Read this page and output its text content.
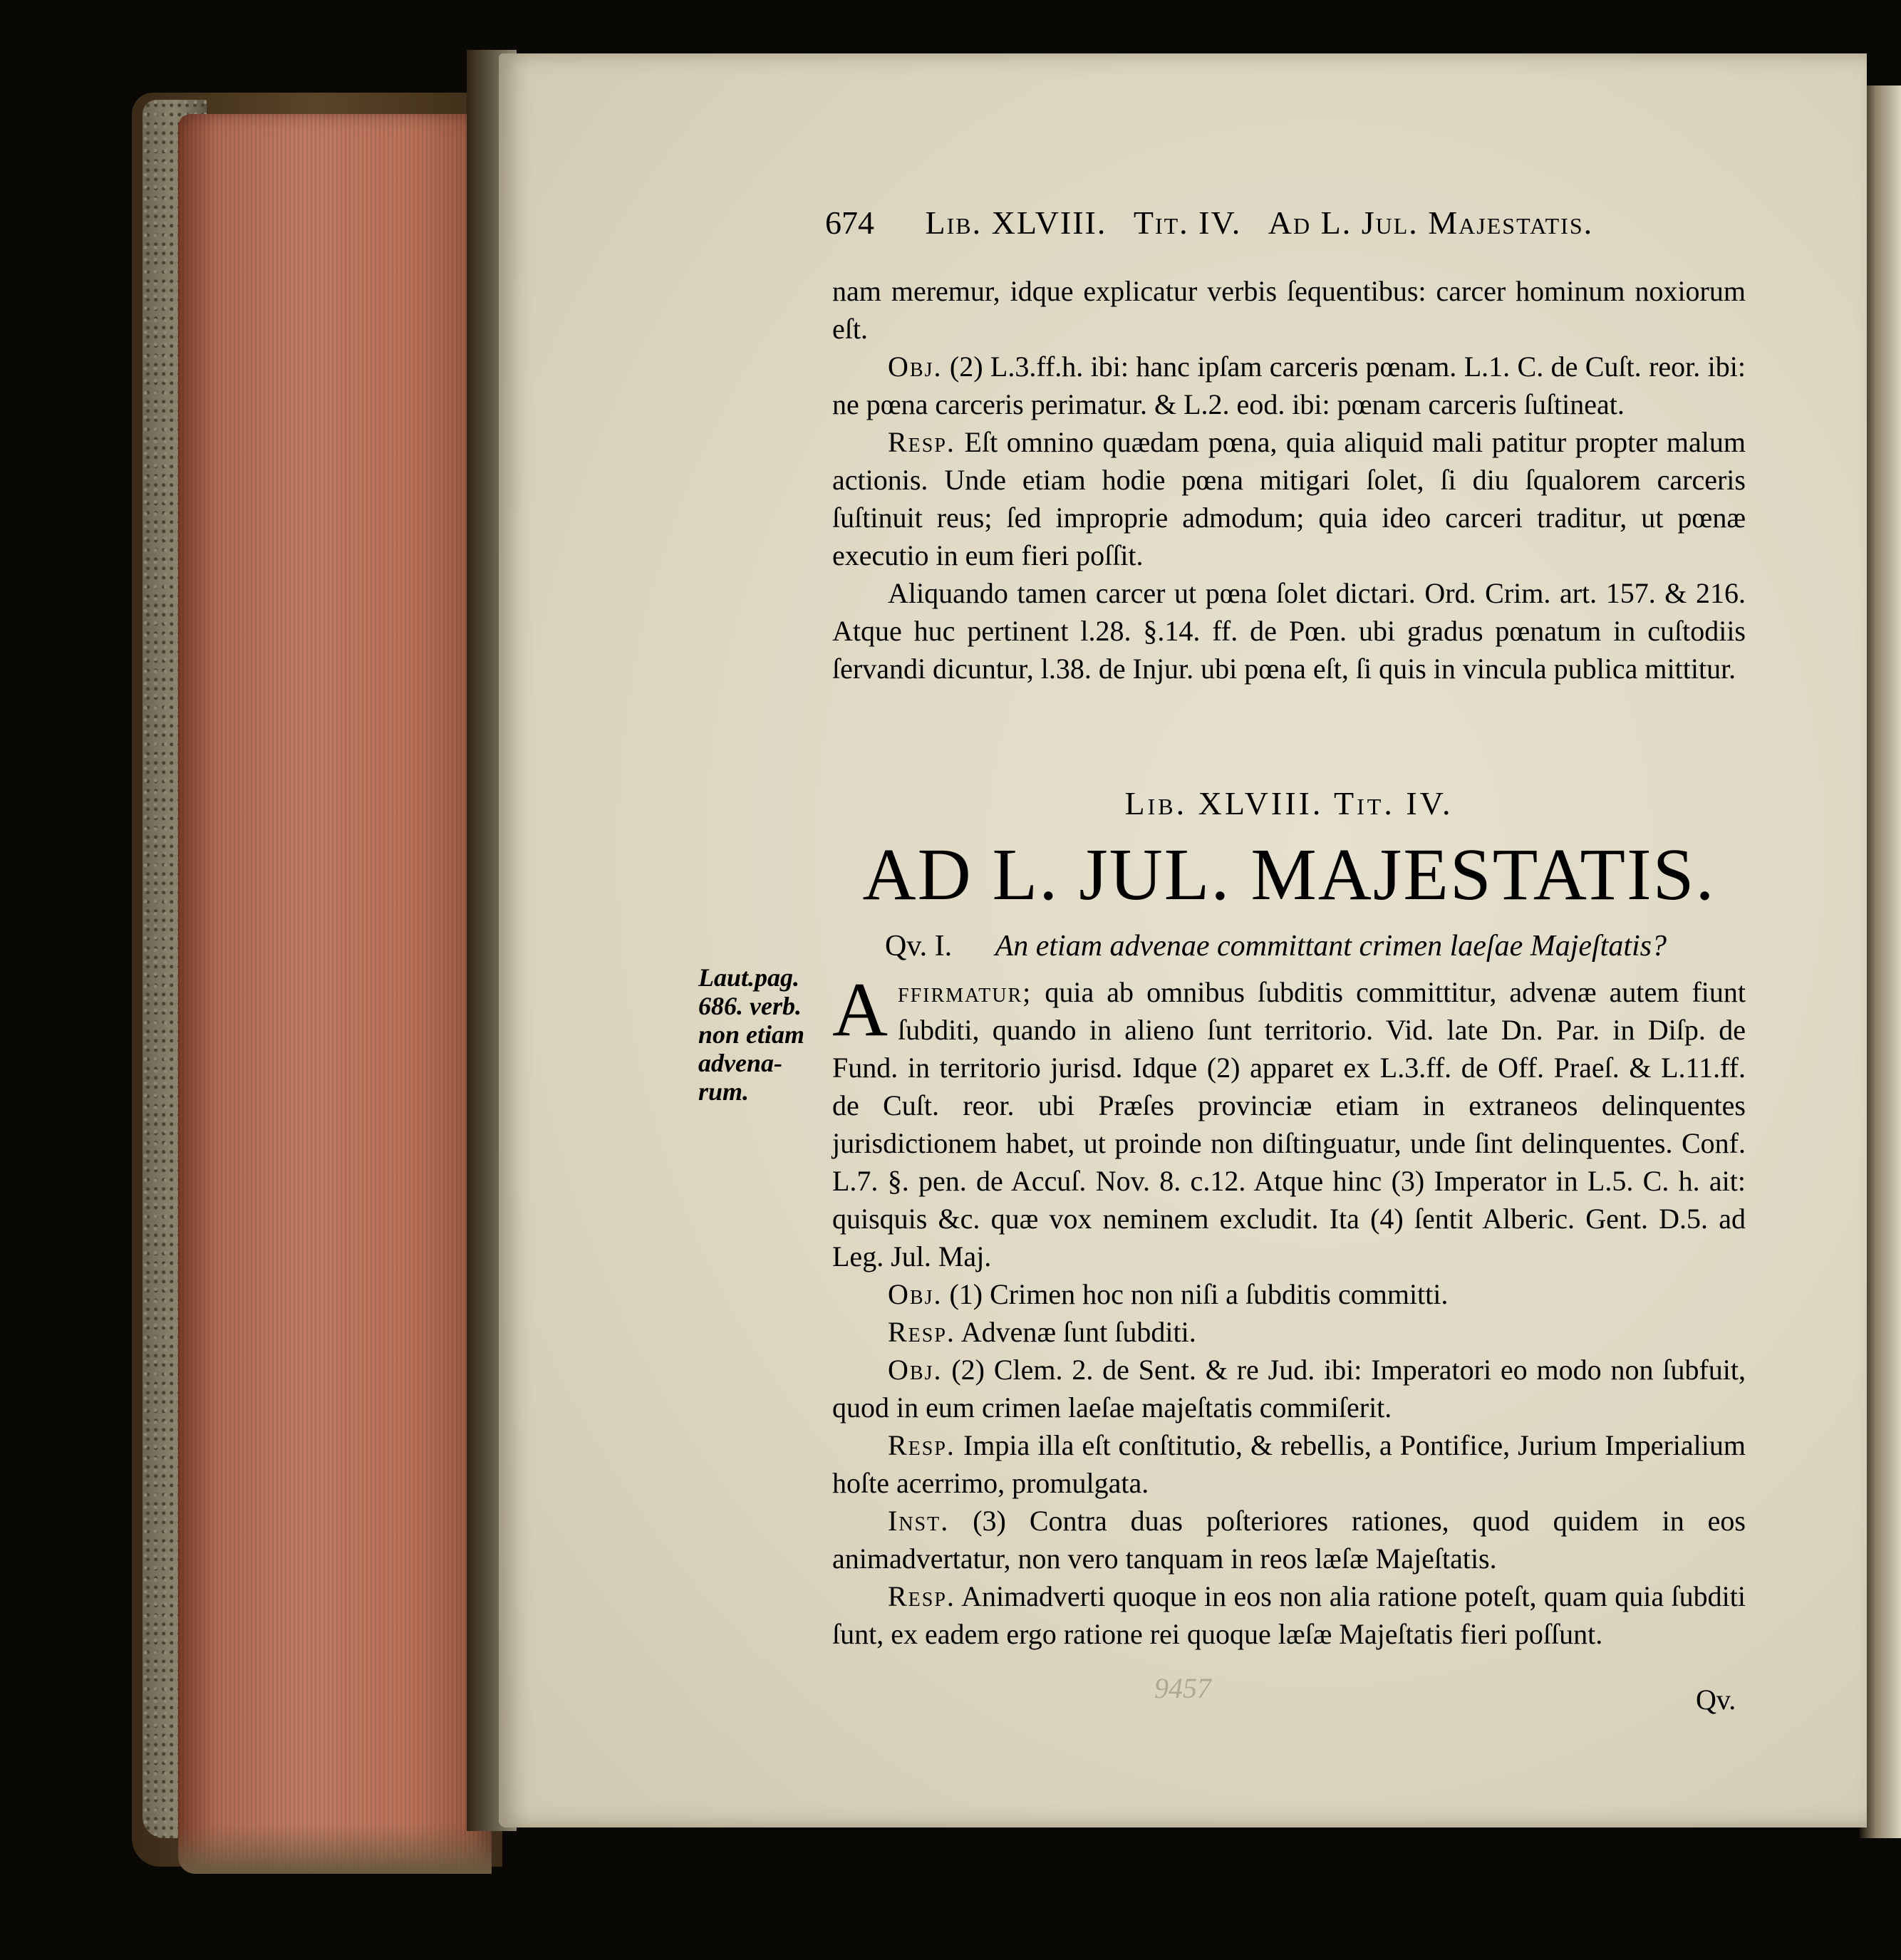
674 Lib. XLVIII. Tit. IV. Ad L. Jul. Majestatis.

nam meremur, idque explicatur verbis ſequentibus: carcer hominum noxiorum eſt.

Obj. (2) L.3.ff.h. ibi: hanc ipſam carceris pœnam. L.1. C. de Cuſt. reor. ibi: ne pœna carceris perimatur. & L.2. eod. ibi: pœnam carceris ſuſtineat.

Resp. Eſt omnino quædam pœna, quia aliquid mali patitur propter malum actionis. Unde etiam hodie pœna mitigari ſolet, ſi diu ſqualorem carceris ſuſtinuit reus; ſed improprie admodum; quia ideo carceri traditur, ut pœnæ executio in eum fieri poſſit.

Aliquando tamen carcer ut pœna ſolet dictari. Ord. Crim. art. 157. & 216. Atque huc pertinent l.28. §.14. ff. de Pœn. ubi gradus pœnatum in cuſtodiis ſervandi dicuntur, l.38. de Injur. ubi pœna eſt, ſi quis in vincula publica mittitur.

Lib. XLVIII. Tit. IV.
AD L. JUL. MAJESTATIS.
Qv. I. An etiam advenae committant crimen laeſae Majeſtatis?
Laut.pag.
686. verb.
non etiam
advena-
rum.

Affirmatur; quia ab omnibus ſubditis committitur, advenæ autem fiunt ſubditi, quando in alieno ſunt territorio. Vid. late Dn. Par. in Diſp. de Fund. in territorio jurisd. Idque (2) apparet ex L.3.ff. de Off. Praeſ. & L.11.ff. de Cuſt. reor. ubi Præſes provinciæ etiam in extraneos delinquentes jurisdictionem habet, ut proinde non diſtinguatur, unde ſint delinquentes. Conf. L.7. §. pen. de Accuſ. Nov. 8. c.12. Atque hinc (3) Imperator in L.5. C. h. ait: quisquis &c. quæ vox neminem excludit. Ita (4) ſentit Alberic. Gent. D.5. ad Leg. Jul. Maj.

Obj. (1) Crimen hoc non niſi a ſubditis committi.

Resp. Advenæ ſunt ſubditi.

Obj. (2) Clem. 2. de Sent. & re Jud. ibi: Imperatori eo modo non ſubfuit, quod in eum crimen laeſae majeſtatis commiſerit.

Resp. Impia illa eſt conſtitutio, & rebellis, a Pontifice, Jurium Imperialium hoſte acerrimo, promulgata.

Inst. (3) Contra duas poſteriores rationes, quod quidem in eos animadvertatur, non vero tanquam in reos læſæ Majeſtatis.

Resp. Animadverti quoque in eos non alia ratione poteſt, quam quia ſubditi ſunt, ex eadem ergo ratione rei quoque læſæ Majeſtatis fieri poſſunt.

9457	Qv.
